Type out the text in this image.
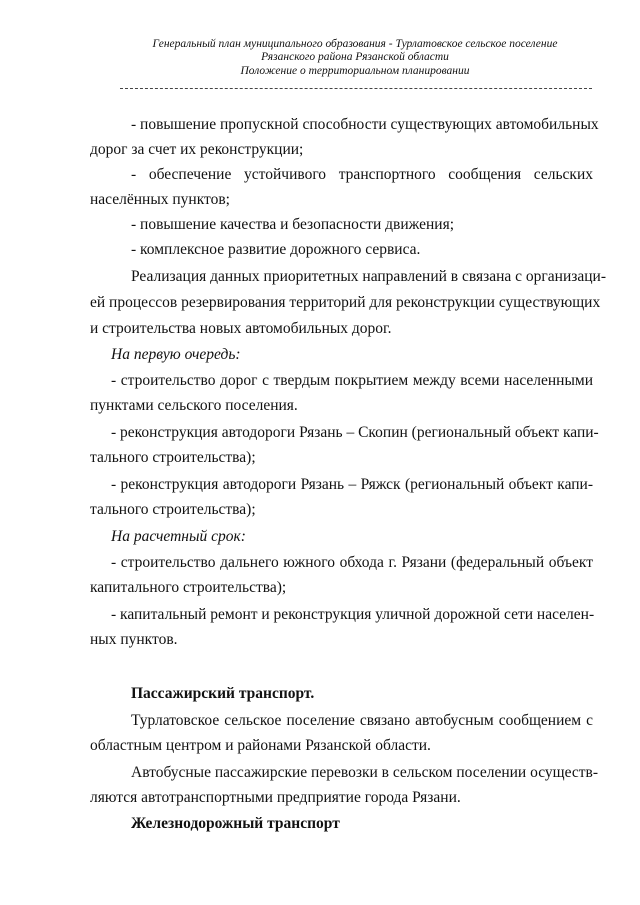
Генеральный план муниципального образования - Турлатовское сельское поселение
Рязанского района Рязанской области
Положение о территориальном планировании
- повышение пропускной способности существующих автомобильных
дорог за счет их реконструкции;
- обеспечение устойчивого транспортного сообщения сельских
населённых пунктов;
- повышение качества и безопасности движения;
- комплексное развитие дорожного сервиса.
Реализация данных приоритетных направлений в связана с организаци-
ей процессов резервирования территорий для реконструкции существующих
и строительства новых автомобильных дорог.
На первую очередь:
- строительство дорог с твердым покрытием между всеми населенными
пунктами сельского поселения.
- реконструкция автодороги Рязань – Скопин (региональный объект капи-
тального строительства);
- реконструкция автодороги Рязань – Ряжск (региональный объект капи-
тального строительства);
На расчетный срок:
- строительство дальнего южного обхода г. Рязани (федеральный объект
капитального строительства);
- капитальный ремонт и реконструкция уличной дорожной сети населен-
ных пунктов.
Пассажирский транспорт.
Турлатовское сельское поселение связано автобусным сообщением с
областным центром и районами Рязанской области.
Автобусные пассажирские перевозки в сельском поселении осуществ-
ляются автотранспортными предприятие города Рязани.
Железнодорожный транспорт
